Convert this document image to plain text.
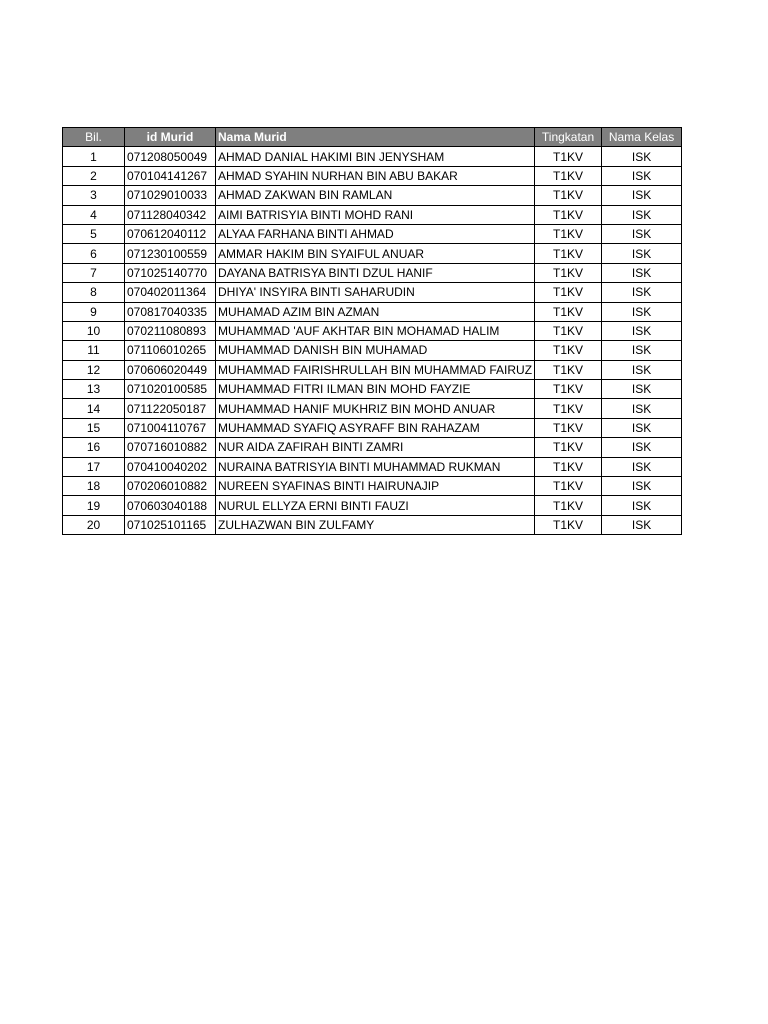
Bil.	id Murid	Nama Murid	Tingkatan	Nama Kelas
1	071208050049	AHMAD DANIAL HAKIMI BIN JENYSHAM	T1KV	ISK
2	070104141267	AHMAD SYAHIN NURHAN BIN ABU BAKAR	T1KV	ISK
3	071029010033	AHMAD ZAKWAN BIN RAMLAN	T1KV	ISK
4	071128040342	AIMI BATRISYIA BINTI MOHD RANI	T1KV	ISK
5	070612040112	ALYAA FARHANA BINTI AHMAD	T1KV	ISK
6	071230100559	AMMAR HAKIM BIN SYAIFUL ANUAR	T1KV	ISK
7	071025140770	DAYANA BATRISYA BINTI DZUL HANIF	T1KV	ISK
8	070402011364	DHIYA' INSYIRA BINTI SAHARUDIN	T1KV	ISK
9	070817040335	MUHAMAD AZIM BIN AZMAN	T1KV	ISK
10	070211080893	MUHAMMAD 'AUF AKHTAR BIN MOHAMAD HALIM	T1KV	ISK
11	071106010265	MUHAMMAD DANISH BIN MUHAMAD	T1KV	ISK
12	070606020449	MUHAMMAD FAIRISHRULLAH BIN MUHAMMAD FAIRUZ	T1KV	ISK
13	071020100585	MUHAMMAD FITRI ILMAN BIN MOHD FAYZIE	T1KV	ISK
14	071122050187	MUHAMMAD HANIF MUKHRIZ BIN MOHD ANUAR	T1KV	ISK
15	071004110767	MUHAMMAD SYAFIQ ASYRAFF BIN RAHAZAM	T1KV	ISK
16	070716010882	NUR AIDA ZAFIRAH BINTI ZAMRI	T1KV	ISK
17	070410040202	NURAINA BATRISYIA BINTI MUHAMMAD RUKMAN	T1KV	ISK
18	070206010882	NUREEN SYAFINAS BINTI HAIRUNAJIP	T1KV	ISK
19	070603040188	NURUL ELLYZA ERNI BINTI FAUZI	T1KV	ISK
20	071025101165	ZULHAZWAN BIN ZULFAMY	T1KV	ISK
